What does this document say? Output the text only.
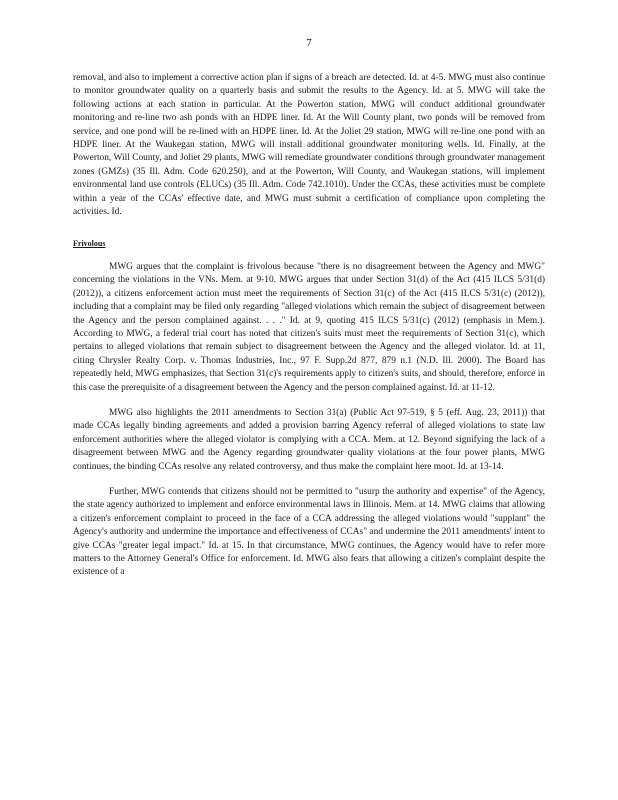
7

removal, and also to implement a corrective action plan if signs of a breach are detected. Id. at 4-5. MWG must also continue to monitor groundwater quality on a quarterly basis and submit the results to the Agency. Id. at 5. MWG will take the following actions at each station in particular. At the Powerton station, MWG will conduct additional groundwater monitoring and re-line two ash ponds with an HDPE liner. Id. At the Will County plant, two ponds will be removed from service, and one pond will be re-lined with an HDPE liner. Id. At the Joliet 29 station, MWG will re-line one pond with an HDPE liner. At the Waukegan station, MWG will install additional groundwater monitoring wells. Id. Finally, at the Powerton, Will County, and Joliet 29 plants, MWG will remediate groundwater conditions through groundwater management zones (GMZs) (35 Ill. Adm. Code 620.250), and at the Powerton, Will County, and Waukegan stations, will implement environmental land use controls (ELUCs) (35 Ill. Adm. Code 742.1010). Under the CCAs, these activities must be complete within a year of the CCAs' effective date, and MWG must submit a certification of compliance upon completing the activities. Id.

Frivolous

MWG argues that the complaint is frivolous because "there is no disagreement between the Agency and MWG" concerning the violations in the VNs. Mem. at 9-10. MWG argues that under Section 31(d) of the Act (415 ILCS 5/31(d) (2012)), a citizens enforcement action must meet the requirements of Section 31(c) of the Act (415 ILCS 5/31(c) (2012)), including that a complaint may be filed only regarding "alleged violations which remain the subject of disagreement between the Agency and the person complained against. . . ." Id. at 9, quoting 415 ILCS 5/31(c) (2012) (emphasis in Mem.). According to MWG, a federal trial court has noted that citizen's suits must meet the requirements of Section 31(c), which pertains to alleged violations that remain subject to disagreement between the Agency and the alleged violator. Id. at 11, citing Chrysler Realty Corp. v. Thomas Industries, Inc., 97 F. Supp.2d 877, 879 n.1 (N.D. Ill. 2000). The Board has repeatedly held, MWG emphasizes, that Section 31(c)'s requirements apply to citizen's suits, and should, therefore, enforce in this case the prerequisite of a disagreement between the Agency and the person complained against. Id. at 11-12.

MWG also highlights the 2011 amendments to Section 31(a) (Public Act 97-519, § 5 (eff. Aug. 23, 2011)) that made CCAs legally binding agreements and added a provision barring Agency referral of alleged violations to state law enforcement authorities where the alleged violator is complying with a CCA. Mem. at 12. Beyond signifying the lack of a disagreement between MWG and the Agency regarding groundwater quality violations at the four power plants, MWG continues, the binding CCAs resolve any related controversy, and thus make the complaint here moot. Id. at 13-14.

Further, MWG contends that citizens should not be permitted to "usurp the authority and expertise" of the Agency, the state agency authorized to implement and enforce environmental laws in Illinois. Mem. at 14. MWG claims that allowing a citizen's enforcement complaint to proceed in the face of a CCA addressing the alleged violations would "supplant" the Agency's authority and undermine the importance and effectiveness of CCAs" and undermine the 2011 amendments' intent to give CCAs "greater legal impact." Id. at 15. In that circumstance, MWG continues, the Agency would have to refer more matters to the Attorney General's Office for enforcement. Id. MWG also fears that allowing a citizen's complaint despite the existence of a
